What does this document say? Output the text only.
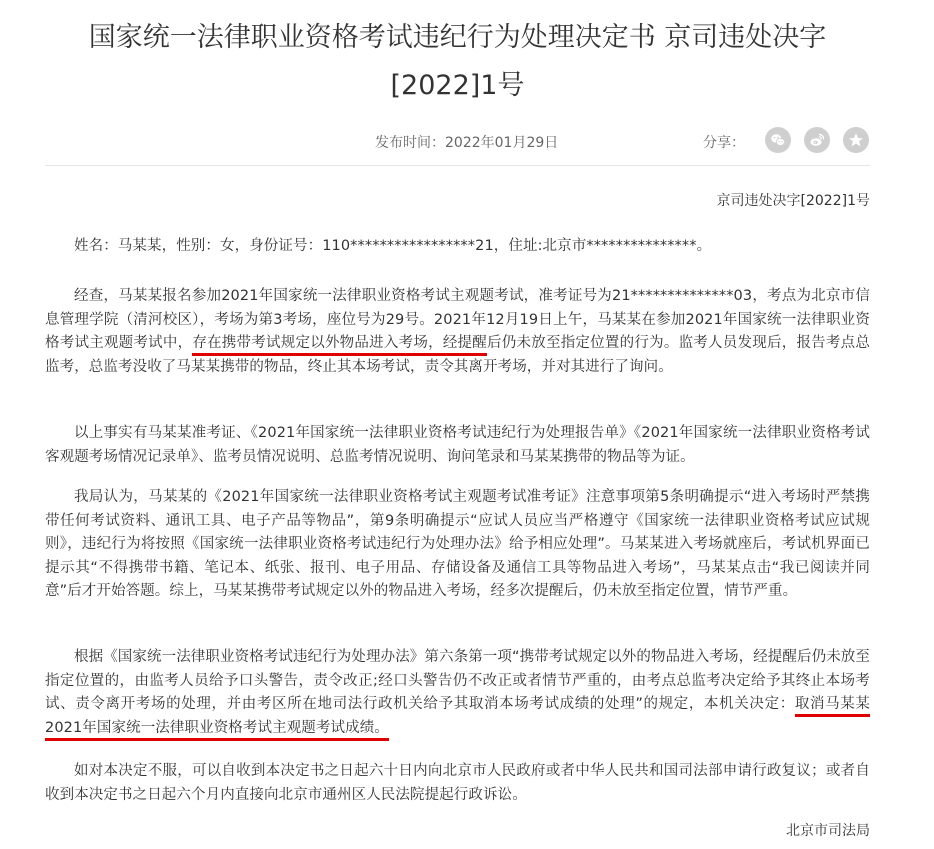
国家统一法律职业资格考试违纪行为处理决定书 京司违处决字[2022]1号
发布时间：2022年01月29日	分享：
京司违处决字[2022]1号

姓名：马某某，性别：女，身份证号：110*****************21，住址:北京市***************。

经查，马某某报名参加2021年国家统一法律职业资格考试主观题考试，准考证号为21**************03，考点为北京市信息管理学院（清河校区），考场为第3考场，座位号为29号。2021年12月19日上午，马某某在参加2021年国家统一法律职业资格考试主观题考试中，存在携带考试规定以外物品进入考场，经提醒后仍未放至指定位置的行为。监考人员发现后，报告考点总监考，总监考没收了马某某携带的物品，终止其本场考试，责令其离开考场，并对其进行了询问。

以上事实有马某某准考证、《2021年国家统一法律职业资格考试违纪行为处理报告单》《2021年国家统一法律职业资格考试客观题考场情况记录单》、监考员情况说明、总监考情况说明、询问笔录和马某某携带的物品等为证。

我局认为，马某某的《2021年国家统一法律职业资格考试主观题考试准考证》注意事项第5条明确提示“进入考场时严禁携带任何考试资料、通讯工具、电子产品等物品”，第9条明确提示“应试人员应当严格遵守《国家统一法律职业资格考试应试规则》，违纪行为将按照《国家统一法律职业资格考试违纪行为处理办法》给予相应处理”。马某某进入考场就座后，考试机界面已提示其“不得携带书籍、笔记本、纸张、报刊、电子用品、存储设备及通信工具等物品进入考场”，马某某点击“我已阅读并同意”后才开始答题。综上，马某某携带考试规定以外的物品进入考场，经多次提醒后，仍未放至指定位置，情节严重。

根据《国家统一法律职业资格考试违纪行为处理办法》第六条第一项“携带考试规定以外的物品进入考场，经提醒后仍未放至指定位置的，由监考人员给予口头警告，责令改正;经口头警告仍不改正或者情节严重的，由考点总监考决定给予其终止本场考试、责令离开考场的处理，并由考区所在地司法行政机关给予其取消本场考试成绩的处理”的规定，本机关决定：取消马某某2021年国家统一法律职业资格考试主观题考试成绩。

如对本决定不服，可以自收到本决定书之日起六十日内向北京市人民政府或者中华人民共和国司法部申请行政复议；或者自收到本决定书之日起六个月内直接向北京市通州区人民法院提起行政诉讼。

北京市司法局
